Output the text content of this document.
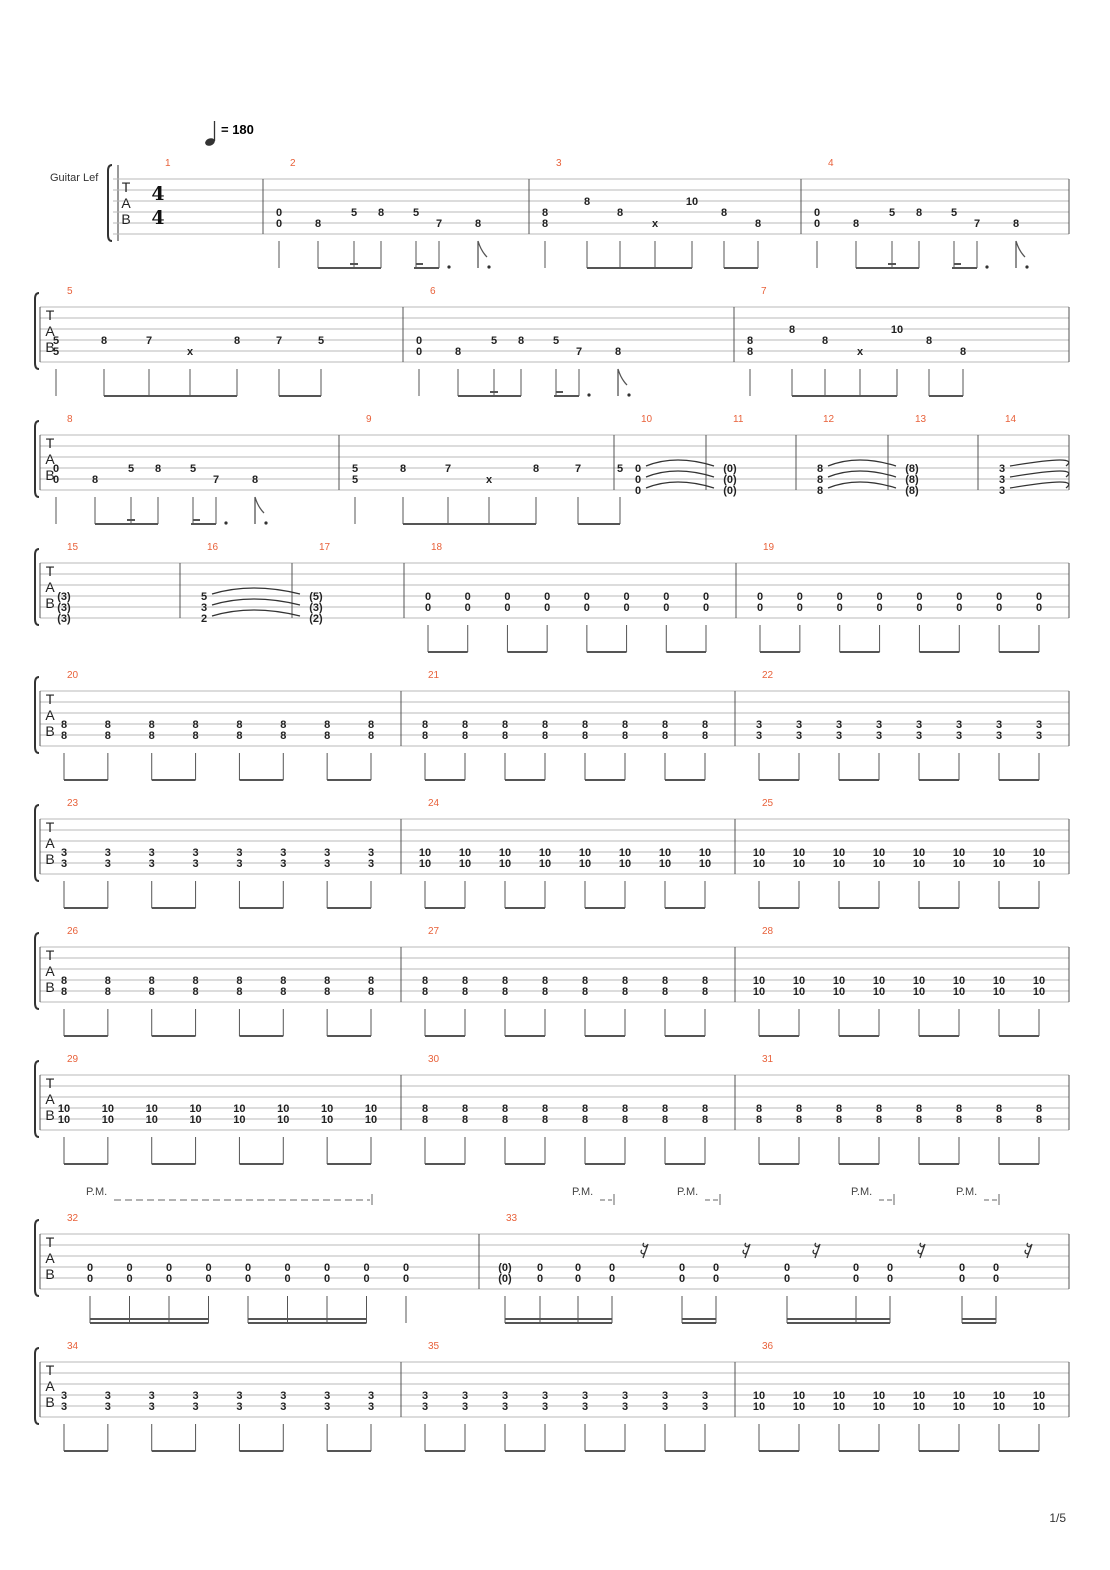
= 180
Guitar Lef
1/5
T
A
B
4
4
1	2
0
0	8
5 8	5
7	8
3
8
8
8
8
x
10
8
8
4
0
0	8
5 8	5
7	8
T
A
B
5
5
5
8	7
x
8	7	5
6
0
0	8
5 8	5
7	8
7
8
8
8
8
x
10
8
8
T
A
B
8
0
0	8
5 8	5
7	8
9
5
5
8	7
x
8	7	5
10
0
0
0
11
(0)
(0)
(0)
12
8
8
8
13
(8)
(8)
(8)
14
3
3
3
T
A
B
15
(3)
(3)
(3)
16
5
3
2
17
(5)
(3)
(2)
18
0
0
0
0
0
0
0
0
0
0
0
0
0
0
0
0
19
0
0
0
0
0
0
0
0
0
0
0
0
0
0
0
0
T
A
B
20
8
8
8
8
8
8
8
8
8
8
8
8
8
8
8
8
21
8
8
8
8
8
8
8
8
8
8
8
8
8
8
8
8
22
3
3
3
3
3
3
3
3
3
3
3
3
3
3
3
3
T
A
B
23
3
3
3
3
3
3
3
3
3
3
3
3
3
3
3
3
24
10
10
10
10
10
10
10
10
10
10
10
10
10
10
10
10
25
10
10
10
10
10
10
10
10
10
10
10
10
10
10
10
10
T
A
B
26
8
8
8
8
8
8
8
8
8
8
8
8
8
8
8
8
27
8
8
8
8
8
8
8
8
8
8
8
8
8
8
8
8
28
10
10
10
10
10
10
10
10
10
10
10
10
10
10
10
10
T
A
B
29
10
10
10
10
10
10
10
10
10
10
10
10
10
10
10
10
30
8
8
8
8
8
8
8
8
8
8
8
8
8
8
8
8
31
8
8
8
8
8
8
8
8
8
8
8
8
8
8
8
8
T
A
B
P.M.	P.M.	P.M.	P.M.	P.M.
32
0
0
0
0
0
0
0
0
0
0
0
0
0
0
0
0
0
0
33
(0)
(0)
0
0
0
0
0
0
0
0
0
0
0
0
0
0
0
0
0
0
0
0
T
A
B
34
3
3
3
3
3
3
3
3
3
3
3
3
3
3
3
3
35
3
3
3
3
3
3
3
3
3
3
3
3
3
3
3
3
36
10
10
10
10
10
10
10
10
10
10
10
10
10
10
10
10
